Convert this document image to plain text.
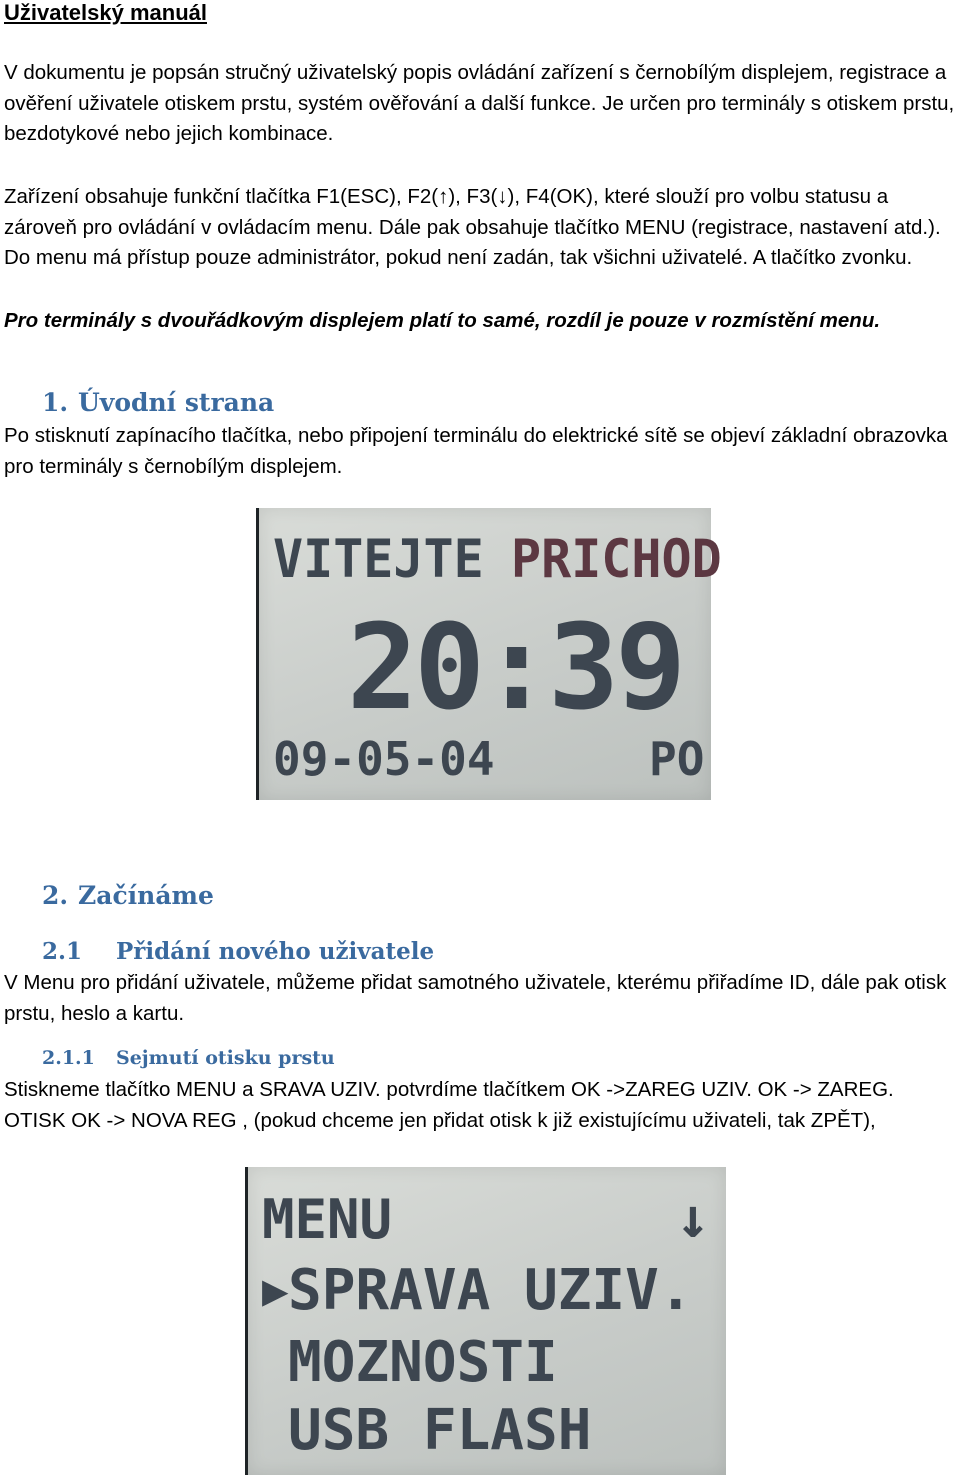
Uživatelský manuál

V dokumentu je popsán stručný uživatelský popis ovládání zařízení s černobílým displejem, registrace a ověření uživatele otiskem prstu, systém ověřování a další funkce. Je určen pro terminály s otiskem prstu, bezdotykové nebo jejich kombinace.

Zařízení obsahuje funkční tlačítka F1(ESC), F2(↑), F3(↓), F4(OK), které slouží pro volbu statusu a zároveň pro ovládání v ovládacím menu. Dále pak obsahuje tlačítko MENU (registrace, nastavení atd.). Do menu má přístup pouze administrátor, pokud není zadán, tak všichni uživatelé. A tlačítko zvonku.

Pro terminály s dvouřádkovým displejem platí to samé, rozdíl je pouze v rozmístění menu.

1. Úvodní strana

Po stisknutí zapínacího tlačítka, nebo připojení terminálu do elektrické sítě se objeví základní obrazovka pro terminály s černobílým displejem.

VITEJTE PRICHOD
20:39
09-05-04	PO
2. Začínáme
2.1 Přidání nového uživatele

V Menu pro přidání uživatele, můžeme přidat samotného uživatele, kterému přiřadíme ID, dále pak otisk prstu, heslo a kartu.

2.1.1 Sejmutí otisku prstu

Stiskneme tlačítko MENU a SRAVA UZIV. potvrdíme tlačítkem OK ->ZAREG UZIV. OK -> ZAREG. OTISK OK -> NOVA REG , (pokud chceme jen přidat otisk k již existujícímu uživateli, tak ZPĚT),

MENU	↓
▶ SPRAVA UZIV.
MOZNOSTI
USB FLASH
